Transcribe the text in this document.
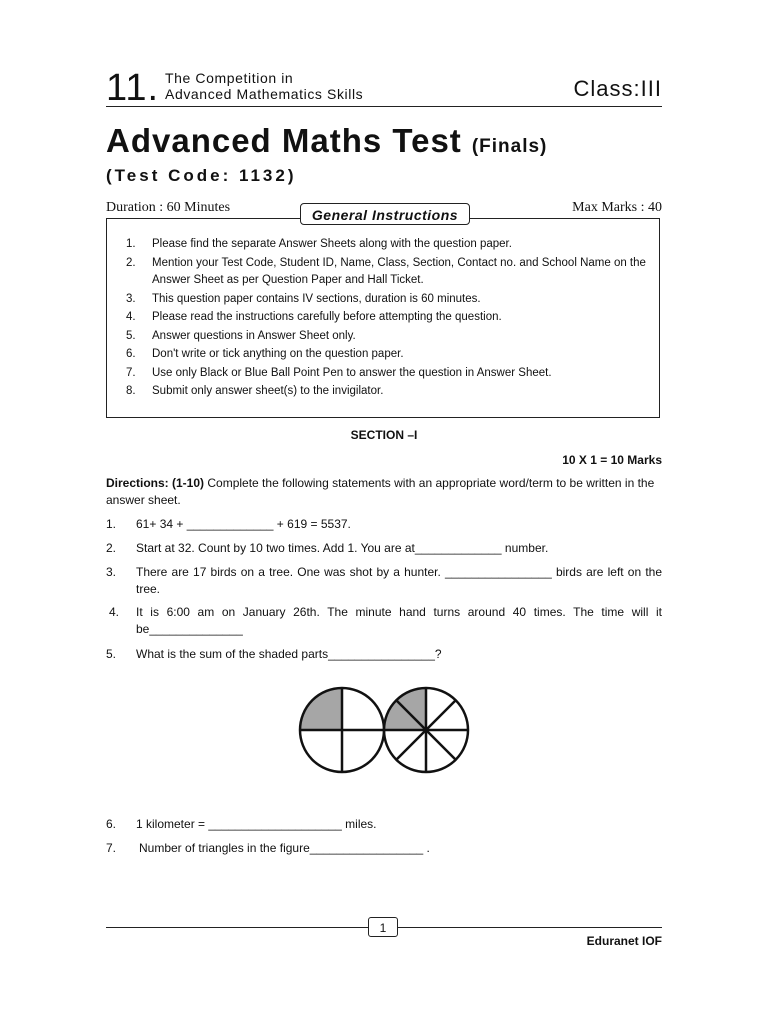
11. The Competition in
Advanced Mathematics Skills	Class:III
Advanced Maths Test (Finals)
(Test Code: 1132)
Duration : 60 Minutes	Max Marks : 40
General Instructions
1. Please find the separate Answer Sheets along with the question paper.
2. Mention your Test Code, Student ID, Name, Class, Section, Contact no. and School Name on the Answer Sheet as per Question Paper and Hall Ticket.
3. This question paper contains IV sections, duration is 60 minutes.
4. Please read the instructions carefully before attempting the question.
5. Answer questions in Answer Sheet only.
6. Don't write or tick anything on the question paper.
7. Use only Black or Blue Ball Point Pen to answer the question in Answer Sheet.
8. Submit only answer sheet(s) to the invigilator.
SECTION –I
10 X 1 = 10 Marks
Directions: (1-10) Complete the following statements with an appropriate word/term to be written in the answer sheet.
1.	61+ 34 + _____________ + 619 = 5537.
2.	Start at 32. Count by 10 two times. Add 1. You are at_____________ number.
3.	There are 17 birds on a tree. One was shot by a hunter. ________________ birds are left on the tree.
4.	It is 6:00 am on January 26th. The minute hand turns around 40 times. The time will it be______________
5.	What is the sum of the shaded parts________________?
6.	1 kilometer = ____________________ miles.
7.	Number of triangles in the figure_________________ .
1
Eduranet IOF
